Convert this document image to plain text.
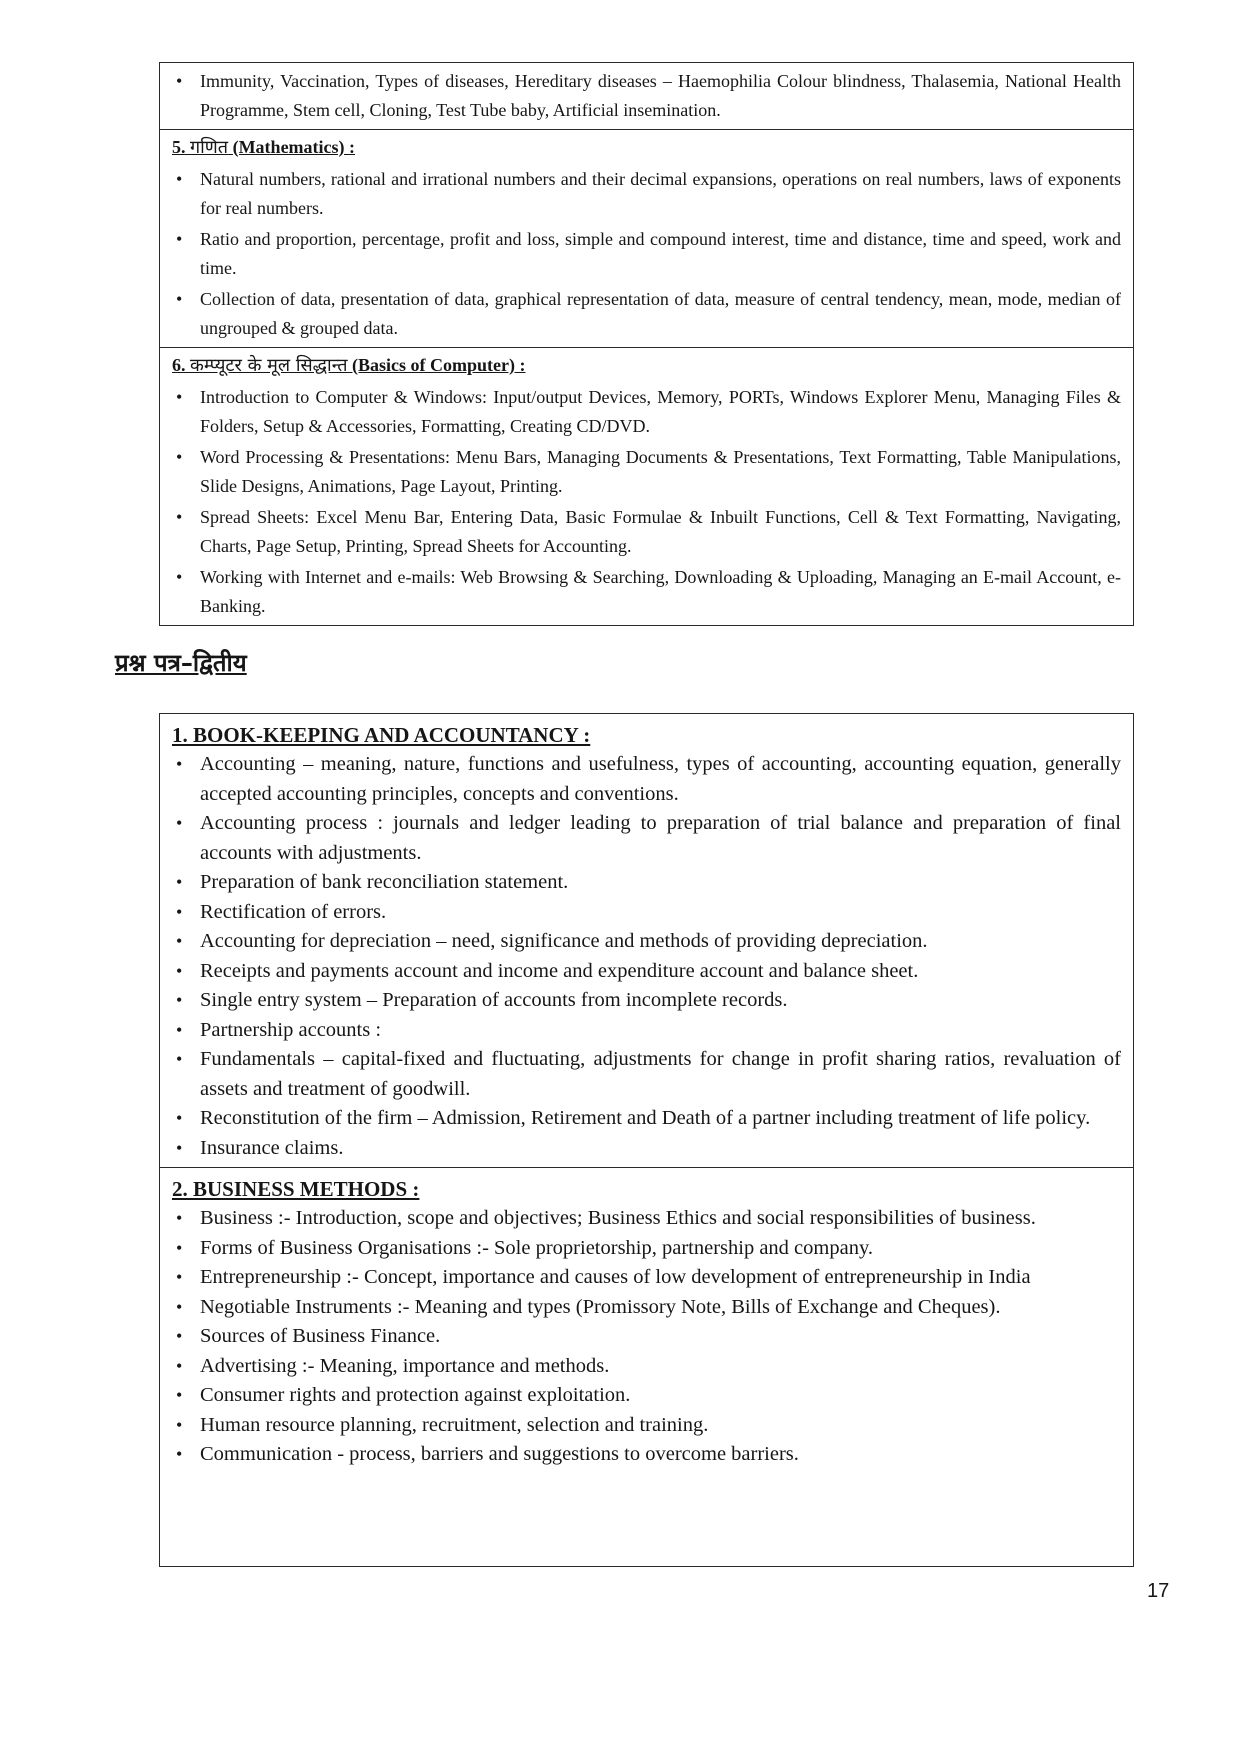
• Immunity, Vaccination, Types of diseases, Hereditary diseases – Haemophilia Colour blindness, Thalasemia, National Health Programme, Stem cell, Cloning, Test Tube baby, Artificial insemination.
5. गणित (Mathematics) :
• Natural numbers, rational and irrational numbers and their decimal expansions, operations on real numbers, laws of exponents for real numbers.
• Ratio and proportion, percentage, profit and loss, simple and compound interest, time and distance, time and speed, work and time.
• Collection of data, presentation of data, graphical representation of data, measure of central tendency, mean, mode, median of ungrouped & grouped data.
6. कम्प्यूटर के मूल सिद्धान्त (Basics of Computer) :
• Introduction to Computer & Windows: Input/output Devices, Memory, PORTs, Windows Explorer Menu, Managing Files & Folders, Setup & Accessories, Formatting, Creating CD/DVD.
• Word Processing & Presentations: Menu Bars, Managing Documents & Presentations, Text Formatting, Table Manipulations, Slide Designs, Animations, Page Layout, Printing.
• Spread Sheets: Excel Menu Bar, Entering Data, Basic Formulae & Inbuilt Functions, Cell & Text Formatting, Navigating, Charts, Page Setup, Printing, Spread Sheets for Accounting.
• Working with Internet and e-mails: Web Browsing & Searching, Downloading & Uploading, Managing an E-mail Account, e-Banking.
प्रश्न पत्र–द्वितीय
1. BOOK-KEEPING AND ACCOUNTANCY :
• Accounting – meaning, nature, functions and usefulness, types of accounting, accounting equation, generally accepted accounting principles, concepts and conventions.
• Accounting process : journals and ledger leading to preparation of trial balance and preparation of final accounts with adjustments.
• Preparation of bank reconciliation statement.
• Rectification of errors.
• Accounting for depreciation – need, significance and methods of providing depreciation.
• Receipts and payments account and income and expenditure account and balance sheet.
• Single entry system – Preparation of accounts from incomplete records.
• Partnership accounts :
• Fundamentals – capital-fixed and fluctuating, adjustments for change in profit sharing ratios, revaluation of assets and treatment of goodwill.
• Reconstitution of the firm – Admission, Retirement and Death of a partner including treatment of life policy.
• Insurance claims.
2. BUSINESS METHODS :
• Business :- Introduction, scope and objectives; Business Ethics and social responsibilities of business.
• Forms of Business Organisations :- Sole proprietorship, partnership and company.
• Entrepreneurship :- Concept, importance and causes of low development of entrepreneurship in India
• Negotiable Instruments :- Meaning and types (Promissory Note, Bills of Exchange and Cheques).
• Sources of Business Finance.
• Advertising :- Meaning, importance and methods.
• Consumer rights and protection against exploitation.
• Human resource planning, recruitment, selection and training.
• Communication - process, barriers and suggestions to overcome barriers.
17
